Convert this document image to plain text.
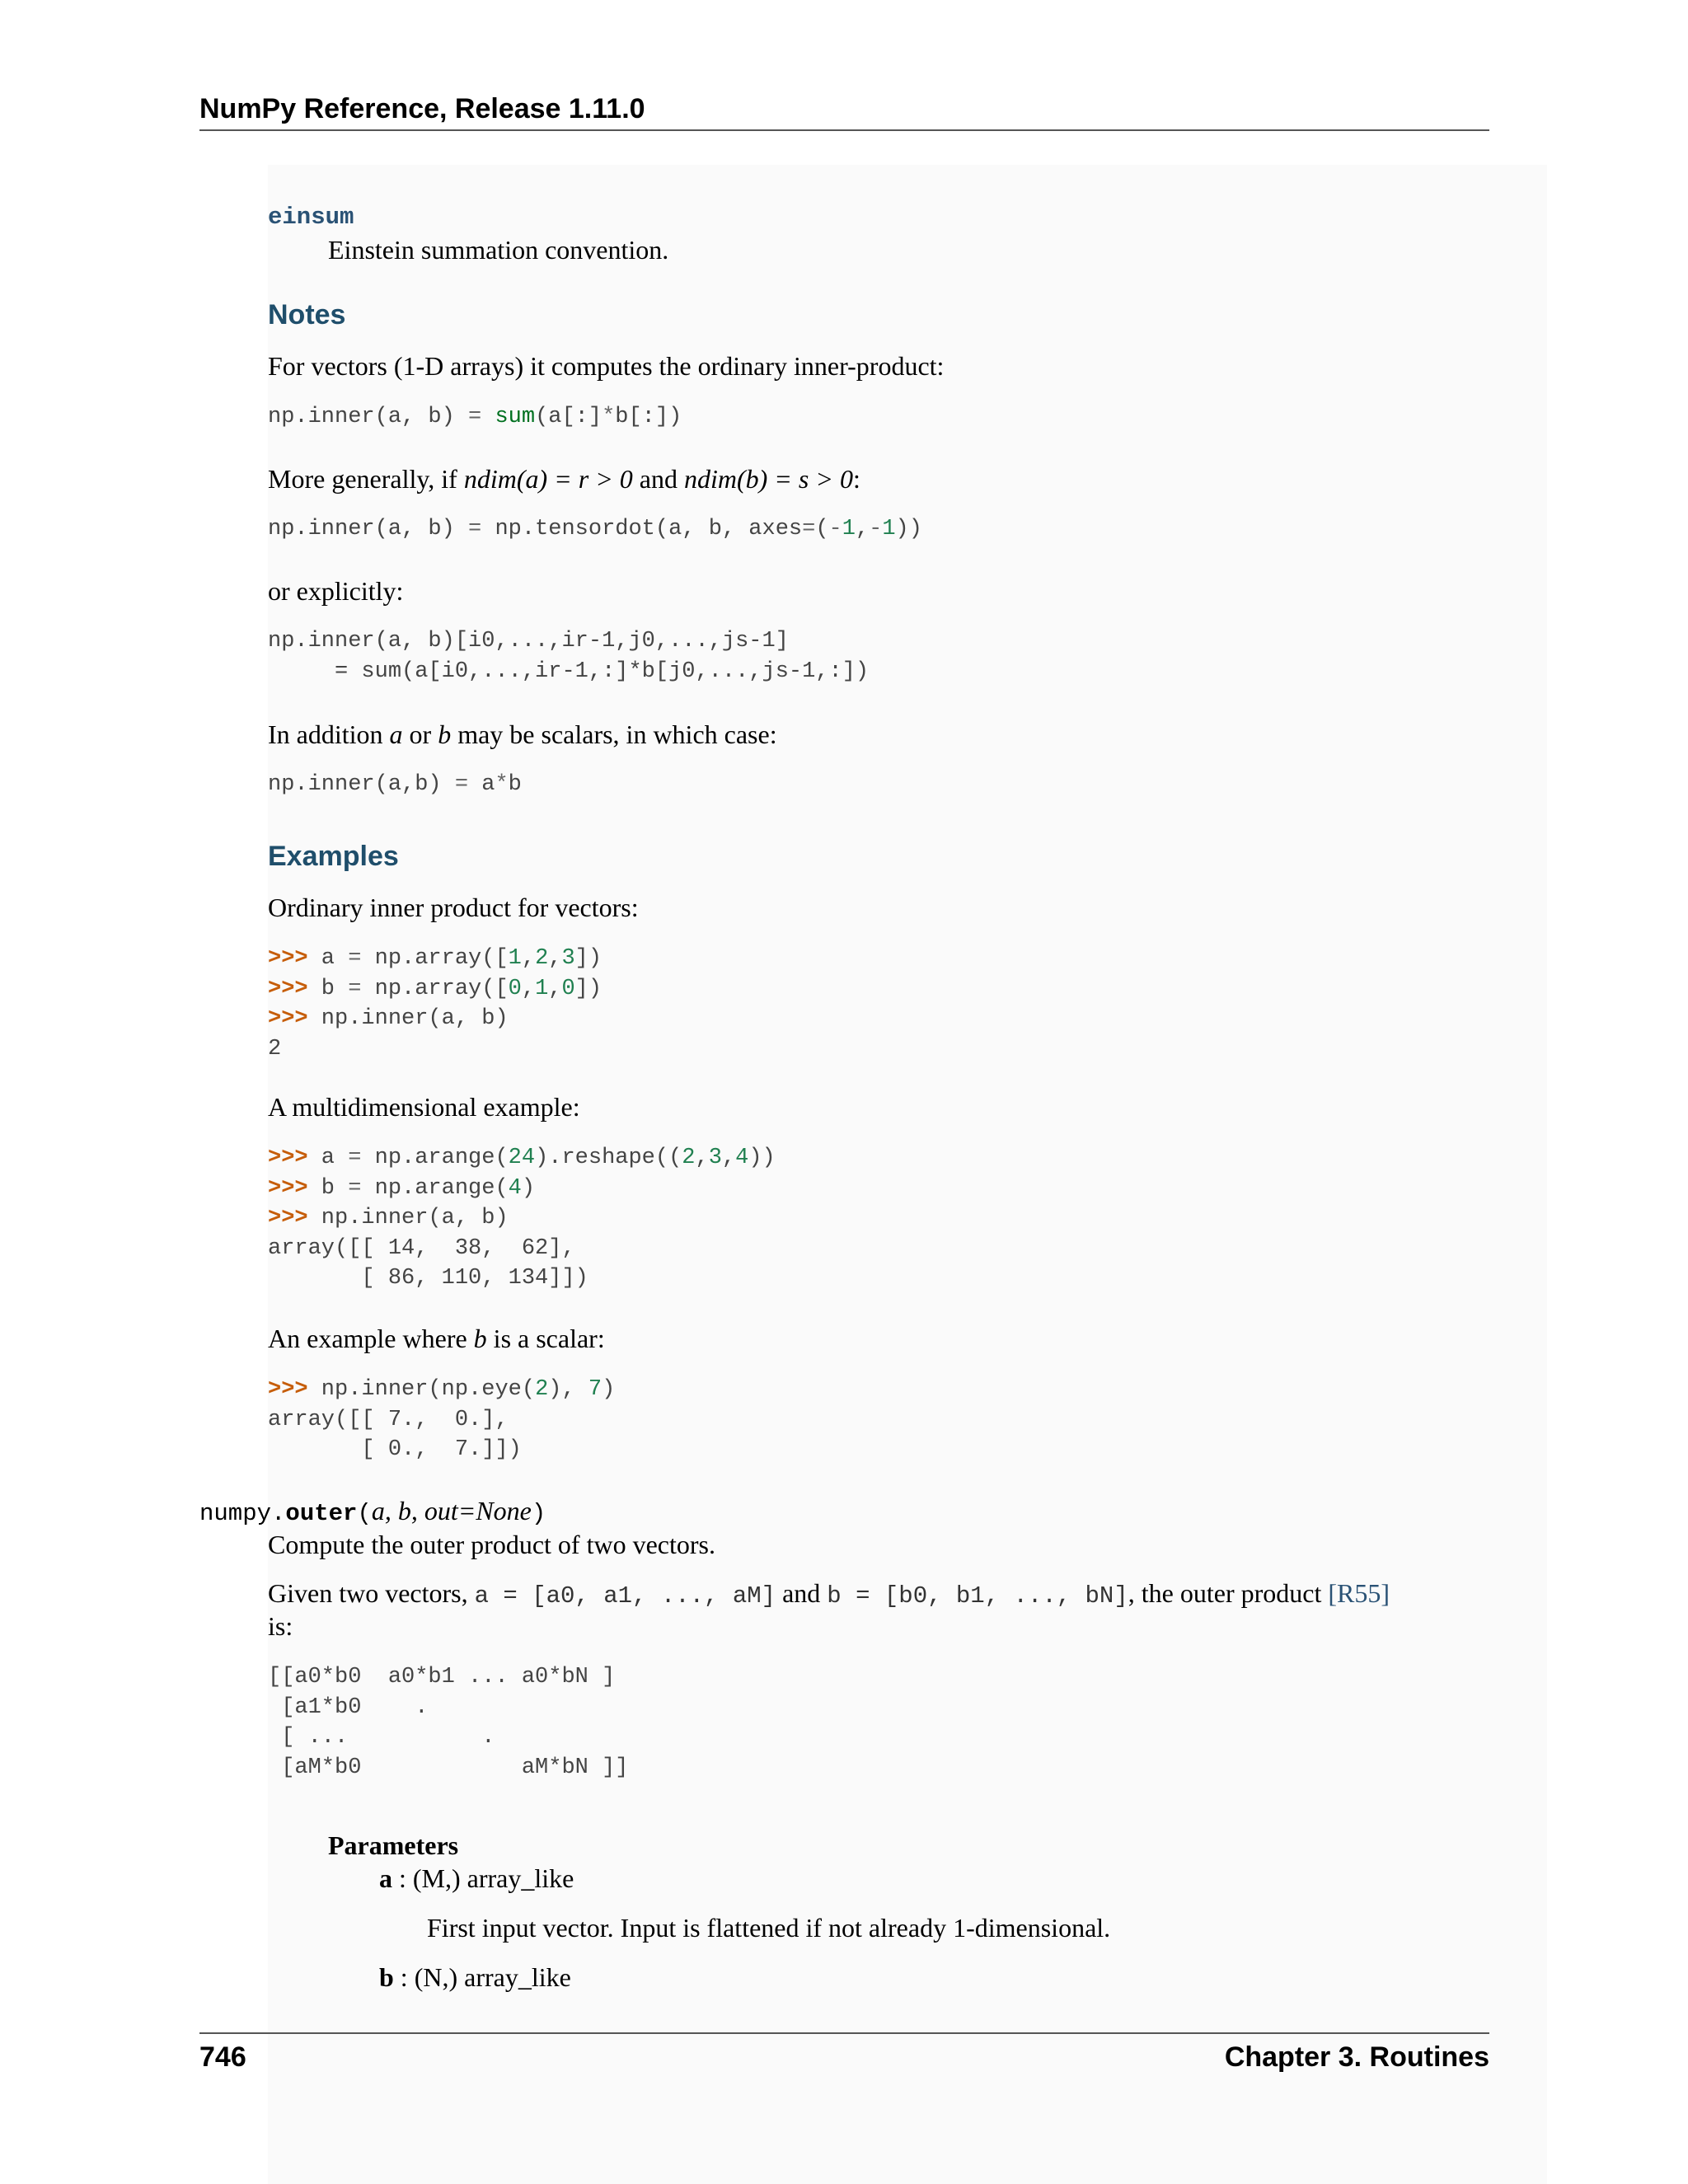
NumPy Reference, Release 1.11.0
einsum
Einstein summation convention.
Notes
For vectors (1-D arrays) it computes the ordinary inner-product:
np.inner(a, b) = sum(a[:]*b[:])
More generally, if ndim(a) = r > 0 and ndim(b) = s > 0:
np.inner(a, b) = np.tensordot(a, b, axes=(-1,-1))
or explicitly:
np.inner(a, b)[i0,...,ir-1,j0,...,js-1]
= sum(a[i0,...,ir-1,:]*b[j0,...,js-1,:])
In addition a or b may be scalars, in which case:
np.inner(a,b) = a*b
Examples
Ordinary inner product for vectors:
>>> a = np.array([1,2,3])
>>> b = np.array([0,1,0])
>>> np.inner(a, b)
2
A multidimensional example:
>>> a = np.arange(24).reshape((2,3,4))
>>> b = np.arange(4)
>>> np.inner(a, b)
array([[ 14,  38,  62],
[ 86, 110, 134]])
An example where b is a scalar:
>>> np.inner(np.eye(2), 7)
array([[ 7.,  0.],
[ 0.,  7.]])
numpy.outer(a, b, out=None)
Compute the outer product of two vectors.
Given two vectors, a = [a0, a1, ..., aM] and b = [b0, b1, ..., bN], the outer product [R55]
is:
[[a0*b0  a0*b1 ... a0*bN ]
[a1*b0    .
[ ...          .
[aM*b0            aM*bN ]]
Parameters
a : (M,) array_like
First input vector. Input is flattened if not already 1-dimensional.
b : (N,) array_like
746	Chapter 3. Routines
